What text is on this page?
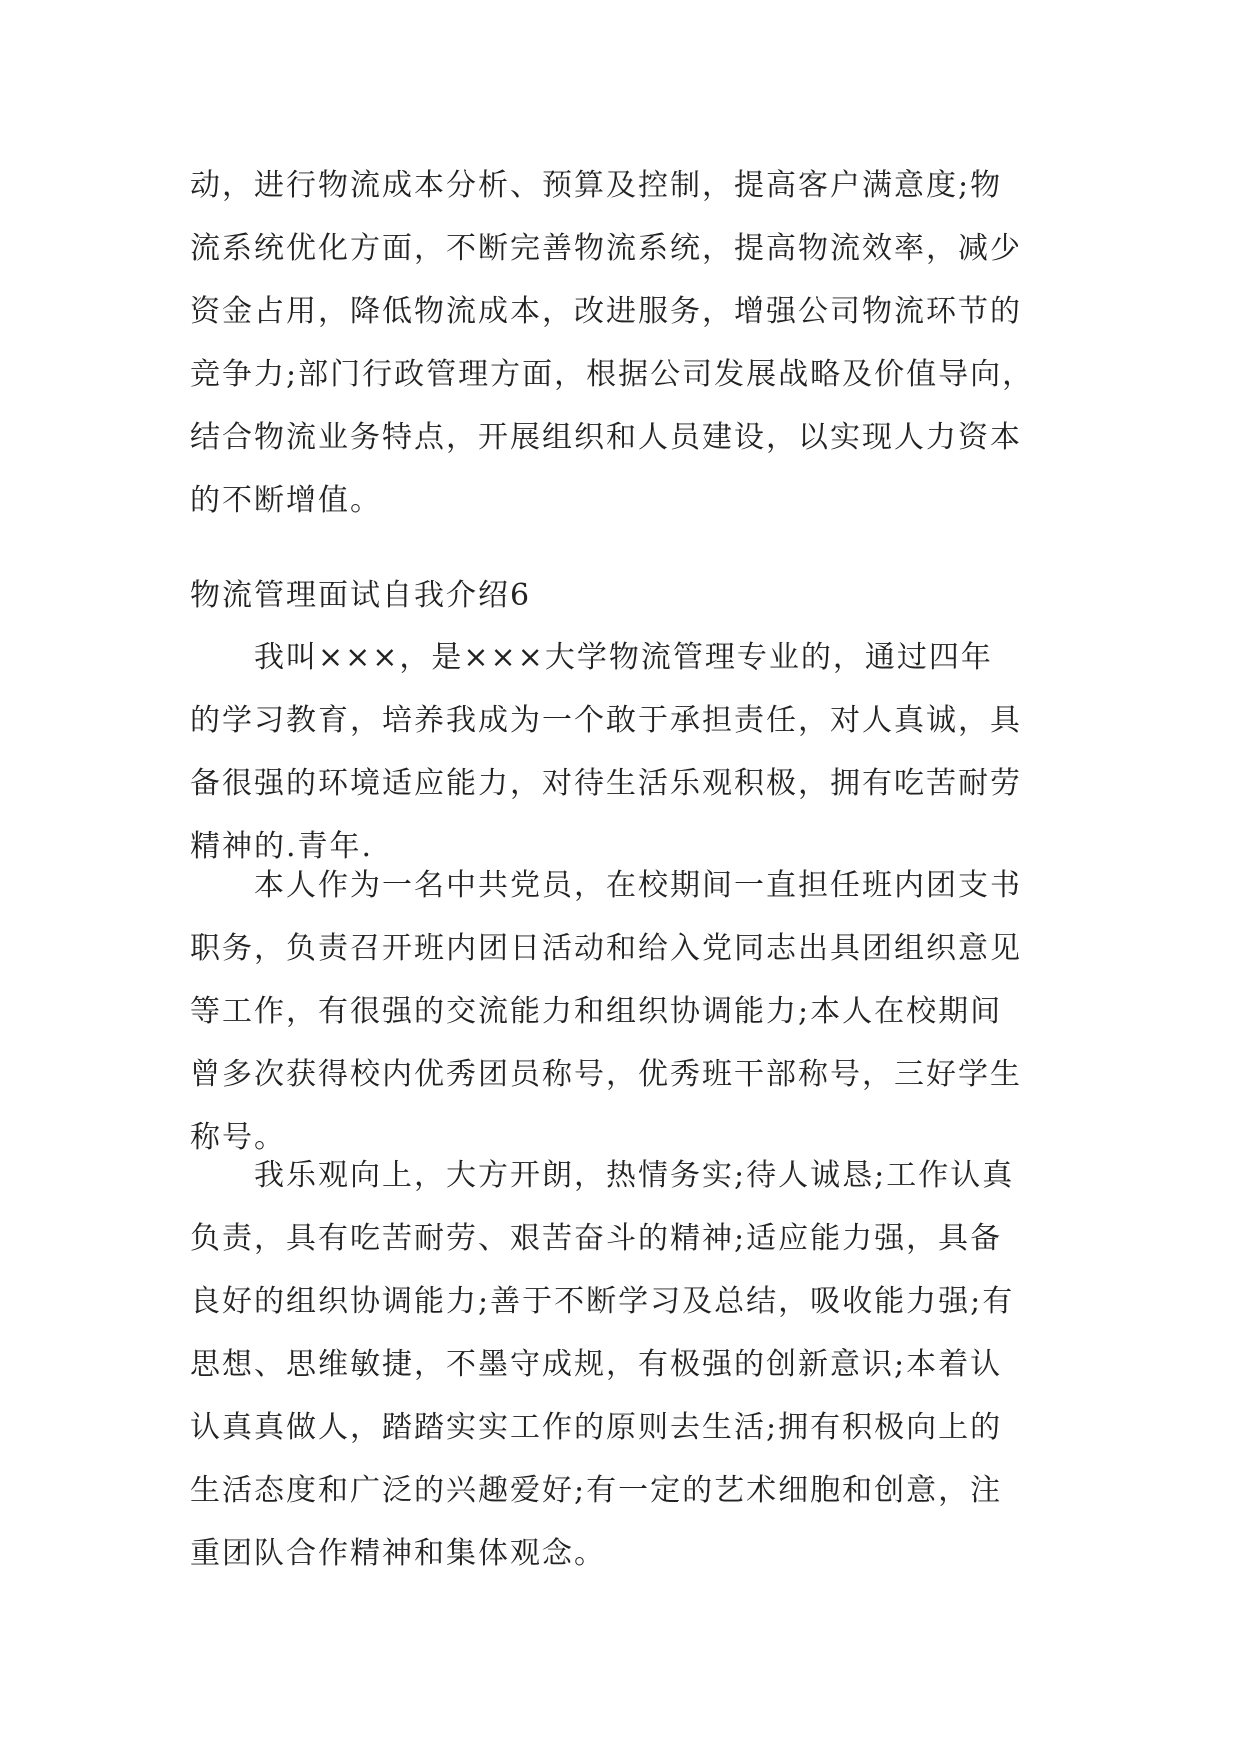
动，进行物流成本分析、预算及控制，提高客户满意度;物
流系统优化方面，不断完善物流系统，提高物流效率，减少
资金占用，降低物流成本，改进服务，增强公司物流环节的
竞争力;部门行政管理方面，根据公司发展战略及价值导向，
结合物流业务特点，开展组织和人员建设，以实现人力资本
的不断增值。
物流管理面试自我介绍6
我叫×××，是×××大学物流管理专业的，通过四年
的学习教育，培养我成为一个敢于承担责任，对人真诚，具
备很强的环境适应能力，对待生活乐观积极，拥有吃苦耐劳
精神的.青年.
本人作为一名中共党员，在校期间一直担任班内团支书
职务，负责召开班内团日活动和给入党同志出具团组织意见
等工作，有很强的交流能力和组织协调能力;本人在校期间
曾多次获得校内优秀团员称号，优秀班干部称号，三好学生
称号。
我乐观向上，大方开朗，热情务实;待人诚恳;工作认真
负责，具有吃苦耐劳、艰苦奋斗的精神;适应能力强，具备
良好的组织协调能力;善于不断学习及总结，吸收能力强;有
思想、思维敏捷，不墨守成规，有极强的创新意识;本着认
认真真做人，踏踏实实工作的原则去生活;拥有积极向上的
生活态度和广泛的兴趣爱好;有一定的艺术细胞和创意，注
重团队合作精神和集体观念。
